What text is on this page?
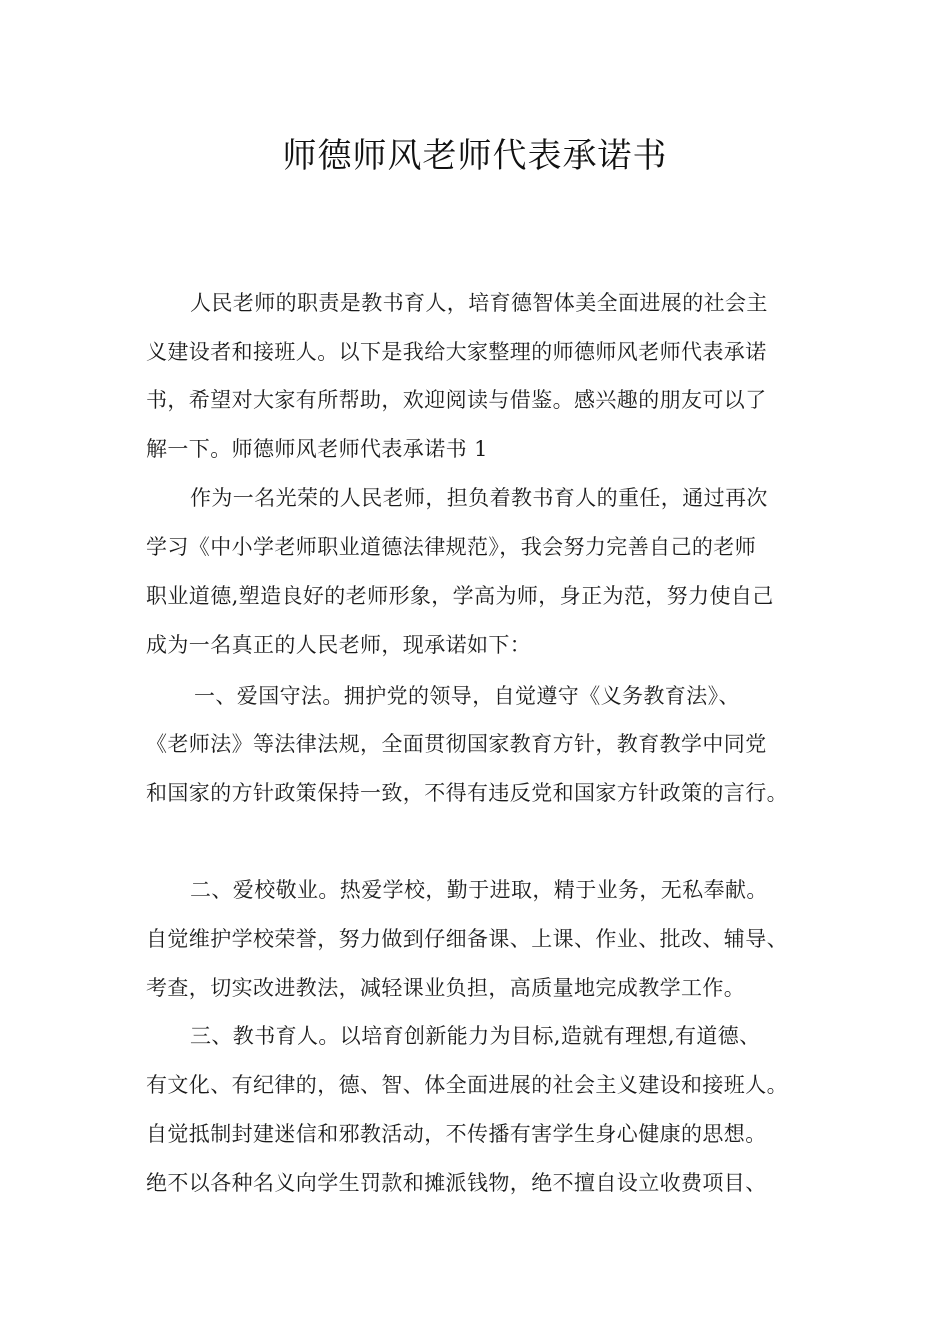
师德师风老师代表承诺书

人民老师的职责是教书育人，培育德智体美全面进展的社会主

义建设者和接班人。以下是我给大家整理的师德师风老师代表承诺

书，希望对大家有所帮助，欢迎阅读与借鉴。感兴趣的朋友可以了

解一下。师德师风老师代表承诺书 1

作为一名光荣的人民老师，担负着教书育人的重任，通过再次

学习《中小学老师职业道德法律规范》，我会努力完善自己的老师

职业道德,塑造良好的老师形象，学高为师，身正为范，努力使自己

成为一名真正的人民老师，现承诺如下：

一、爱国守法。拥护党的领导，自觉遵守《义务教育法》、

《老师法》等法律法规，全面贯彻国家教育方针，教育教学中同党

和国家的方针政策保持一致，不得有违反党和国家方针政策的言行。

二、爱校敬业。热爱学校，勤于进取，精于业务，无私奉献。

自觉维护学校荣誉，努力做到仔细备课、上课、作业、批改、辅导、

考查，切实改进教法，减轻课业负担，高质量地完成教学工作。

三、教书育人。以培育创新能力为目标,造就有理想,有道德、

有文化、有纪律的，德、智、体全面进展的社会主义建设和接班人。

自觉抵制封建迷信和邪教活动，不传播有害学生身心健康的思想。

绝不以各种名义向学生罚款和摊派钱物，绝不擅自设立收费项目、
